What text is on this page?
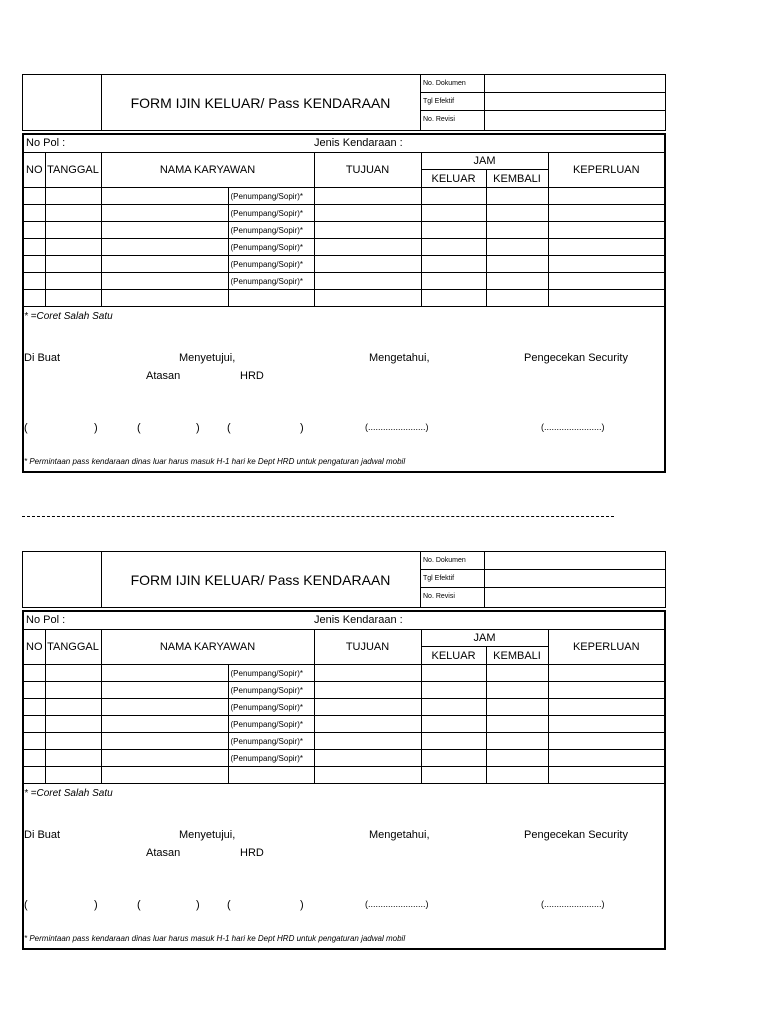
FORM IJIN KELUAR/ Pass KENDARAAN
No. Dokumen
Tgl Efektif
No. Revisi
No Pol :	Jenis Kendaraan :
NO	TANGGAL	NAMA KARYAWAN		TUJUAN	JAM		KEPERLUAN
					KELUAR	KEMBALI	
			(Penumpang/Sopir)*				
			(Penumpang/Sopir)*				
			(Penumpang/Sopir)*				
			(Penumpang/Sopir)*				
			(Penumpang/Sopir)*				
			(Penumpang/Sopir)*				

* =Coret Salah Satu
Di Buat	Menyetujui,
Atasan	HRD
Mengetahui,	Pengecekan Security
(	)	(	) (	)	(.......................)	(.......................)
* Permintaan pass kendaraan dinas luar harus masuk H-1 hari ke Dept HRD untuk pengaturan jadwal mobil
FORM IJIN KELUAR/ Pass KENDARAAN
No. Dokumen
Tgl Efektif
No. Revisi
No Pol :	Jenis Kendaraan :
NO	TANGGAL	NAMA KARYAWAN		TUJUAN	JAM		KEPERLUAN
					KELUAR	KEMBALI	
			(Penumpang/Sopir)*				
			(Penumpang/Sopir)*				
			(Penumpang/Sopir)*				
			(Penumpang/Sopir)*				
			(Penumpang/Sopir)*				
			(Penumpang/Sopir)*				

* =Coret Salah Satu
Di Buat	Menyetujui,
Atasan	HRD
Mengetahui,	Pengecekan Security
(	)	(	) (	)	(.......................)	(.......................)
* Permintaan pass kendaraan dinas luar harus masuk H-1 hari ke Dept HRD untuk pengaturan jadwal mobil
